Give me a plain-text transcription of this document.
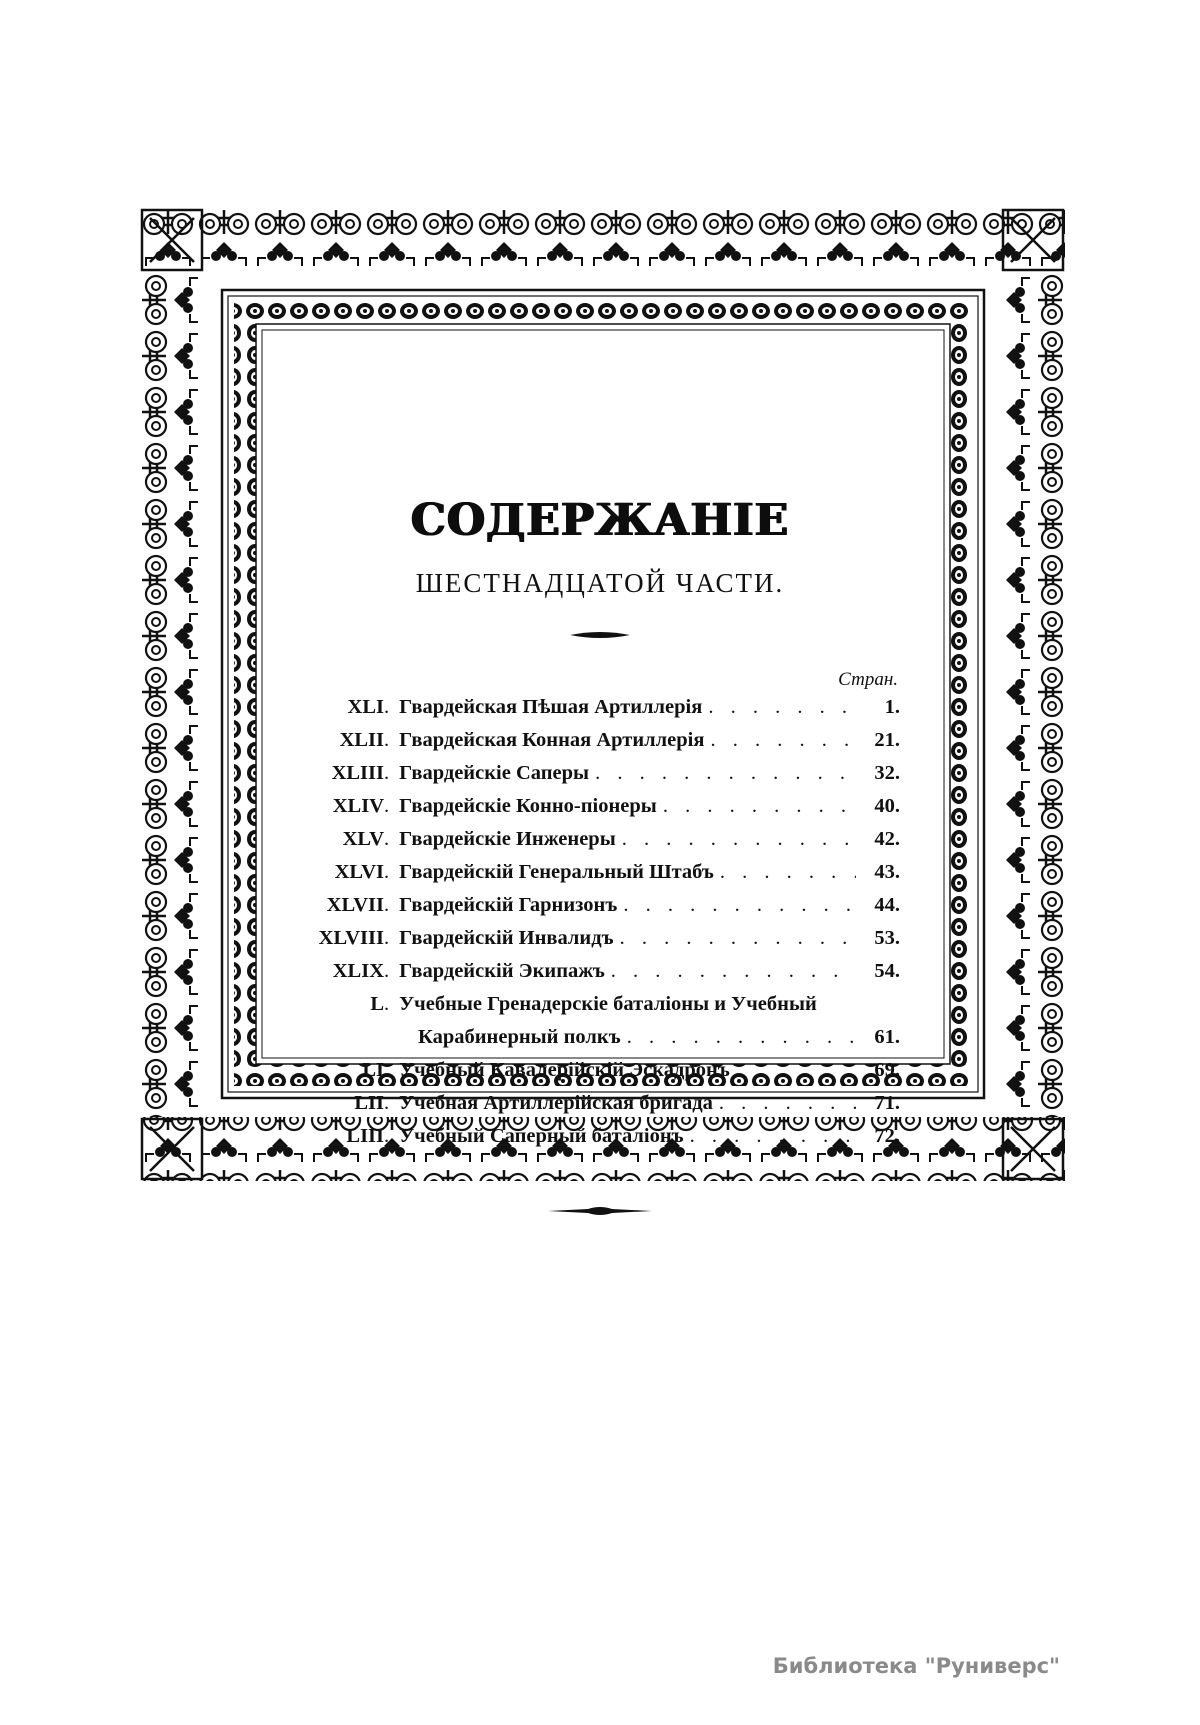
СОДЕРЖАНІЕ
ШЕСТНАДЦАТОЙ ЧАСТИ.
Стран.
XLI . Гвардейская Пѣшая Артиллерія . . .	1.
XLII . Гвардейская Конная Артиллерія . . .	21.
XLIII . Гвардейскіе Саперы . . .	32.
XLIV . Гвардейскіе Конно-піонеры . . .	40.
XLV . Гвардейскіе Инженеры . . .	42.
XLVI . Гвардейскій Генеральный Штабъ . . .	43.
XLVII . Гвардейскій Гарнизонъ . . .	44.
XLVIII . Гвардейскій Инвалидъ . . .	53.
XLIX . Гвардейскій Экипажъ . . .	54.
L . Учебные Гренадерскіе баталіоны и Учебный
Карабинерный полкъ . . .	61.
LI . Учебный Кавалерійскій Эскадронъ . . .	69.
LII . Учебная Артиллерійская бригада . . .	71.
LIII . Учебный Саперный баталіонъ . . .	72.
Библиотека "Руниверс"
